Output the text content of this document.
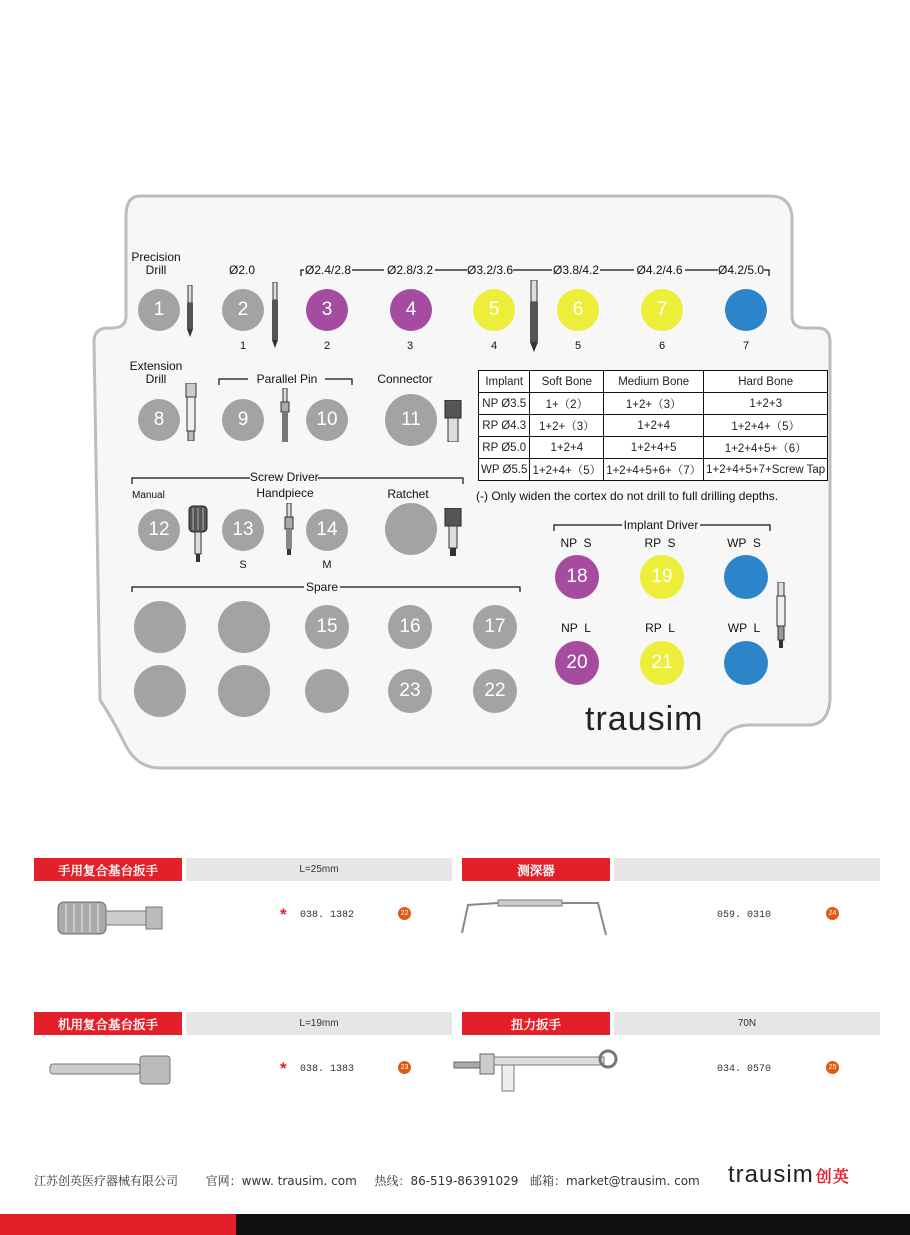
Precision
Drill	Ø2.0	Ø2.4/2.8	Ø2.8/3.2	Ø3.2/3.6	Ø3.8/4.2	Ø4.2/4.6	Ø4.2/5.0
1	2	3	4	5	6	7
1	2	3	4	5	6	7
Extension
Drill	Parallel Pin	Connector
8	9	10	11
Implant	Soft Bone	Medium Bone	Hard Bone
NP Ø3.5	1+（2）	1+2+（3）	1+2+3
RP Ø4.3	1+2+（3）	1+2+4	1+2+4+（5）
RP Ø5.0	1+2+4	1+2+4+5	1+2+4+5+（6）
WP Ø5.5	1+2+4+（5）	1+2+4+5+6+（7）	1+2+4+5+7+Screw Tap
(-) Only widen the cortex do not drill to full drilling depths.
Screw Driver
Handpiece
Manual	Ratchet
12	13	14
S	M
Spare
15	16	17
23	22
Implant Driver
NP  S	RP  S	WP  S
18	19
NP  L	RP  L	WP  L
20	21
trausim
手用复合基台扳手	L=25mm	测深器
* 038. 1382	22	059. 0310	24
机用复合基台扳手	L=19mm	扭力扳手	70N
* 038. 1383	23	034. 0570	25
江苏创英医疗器械有限公司 官网：www. trausim. com 热线：86-519-86391029 邮箱：market@trausim. com trausim 创英
